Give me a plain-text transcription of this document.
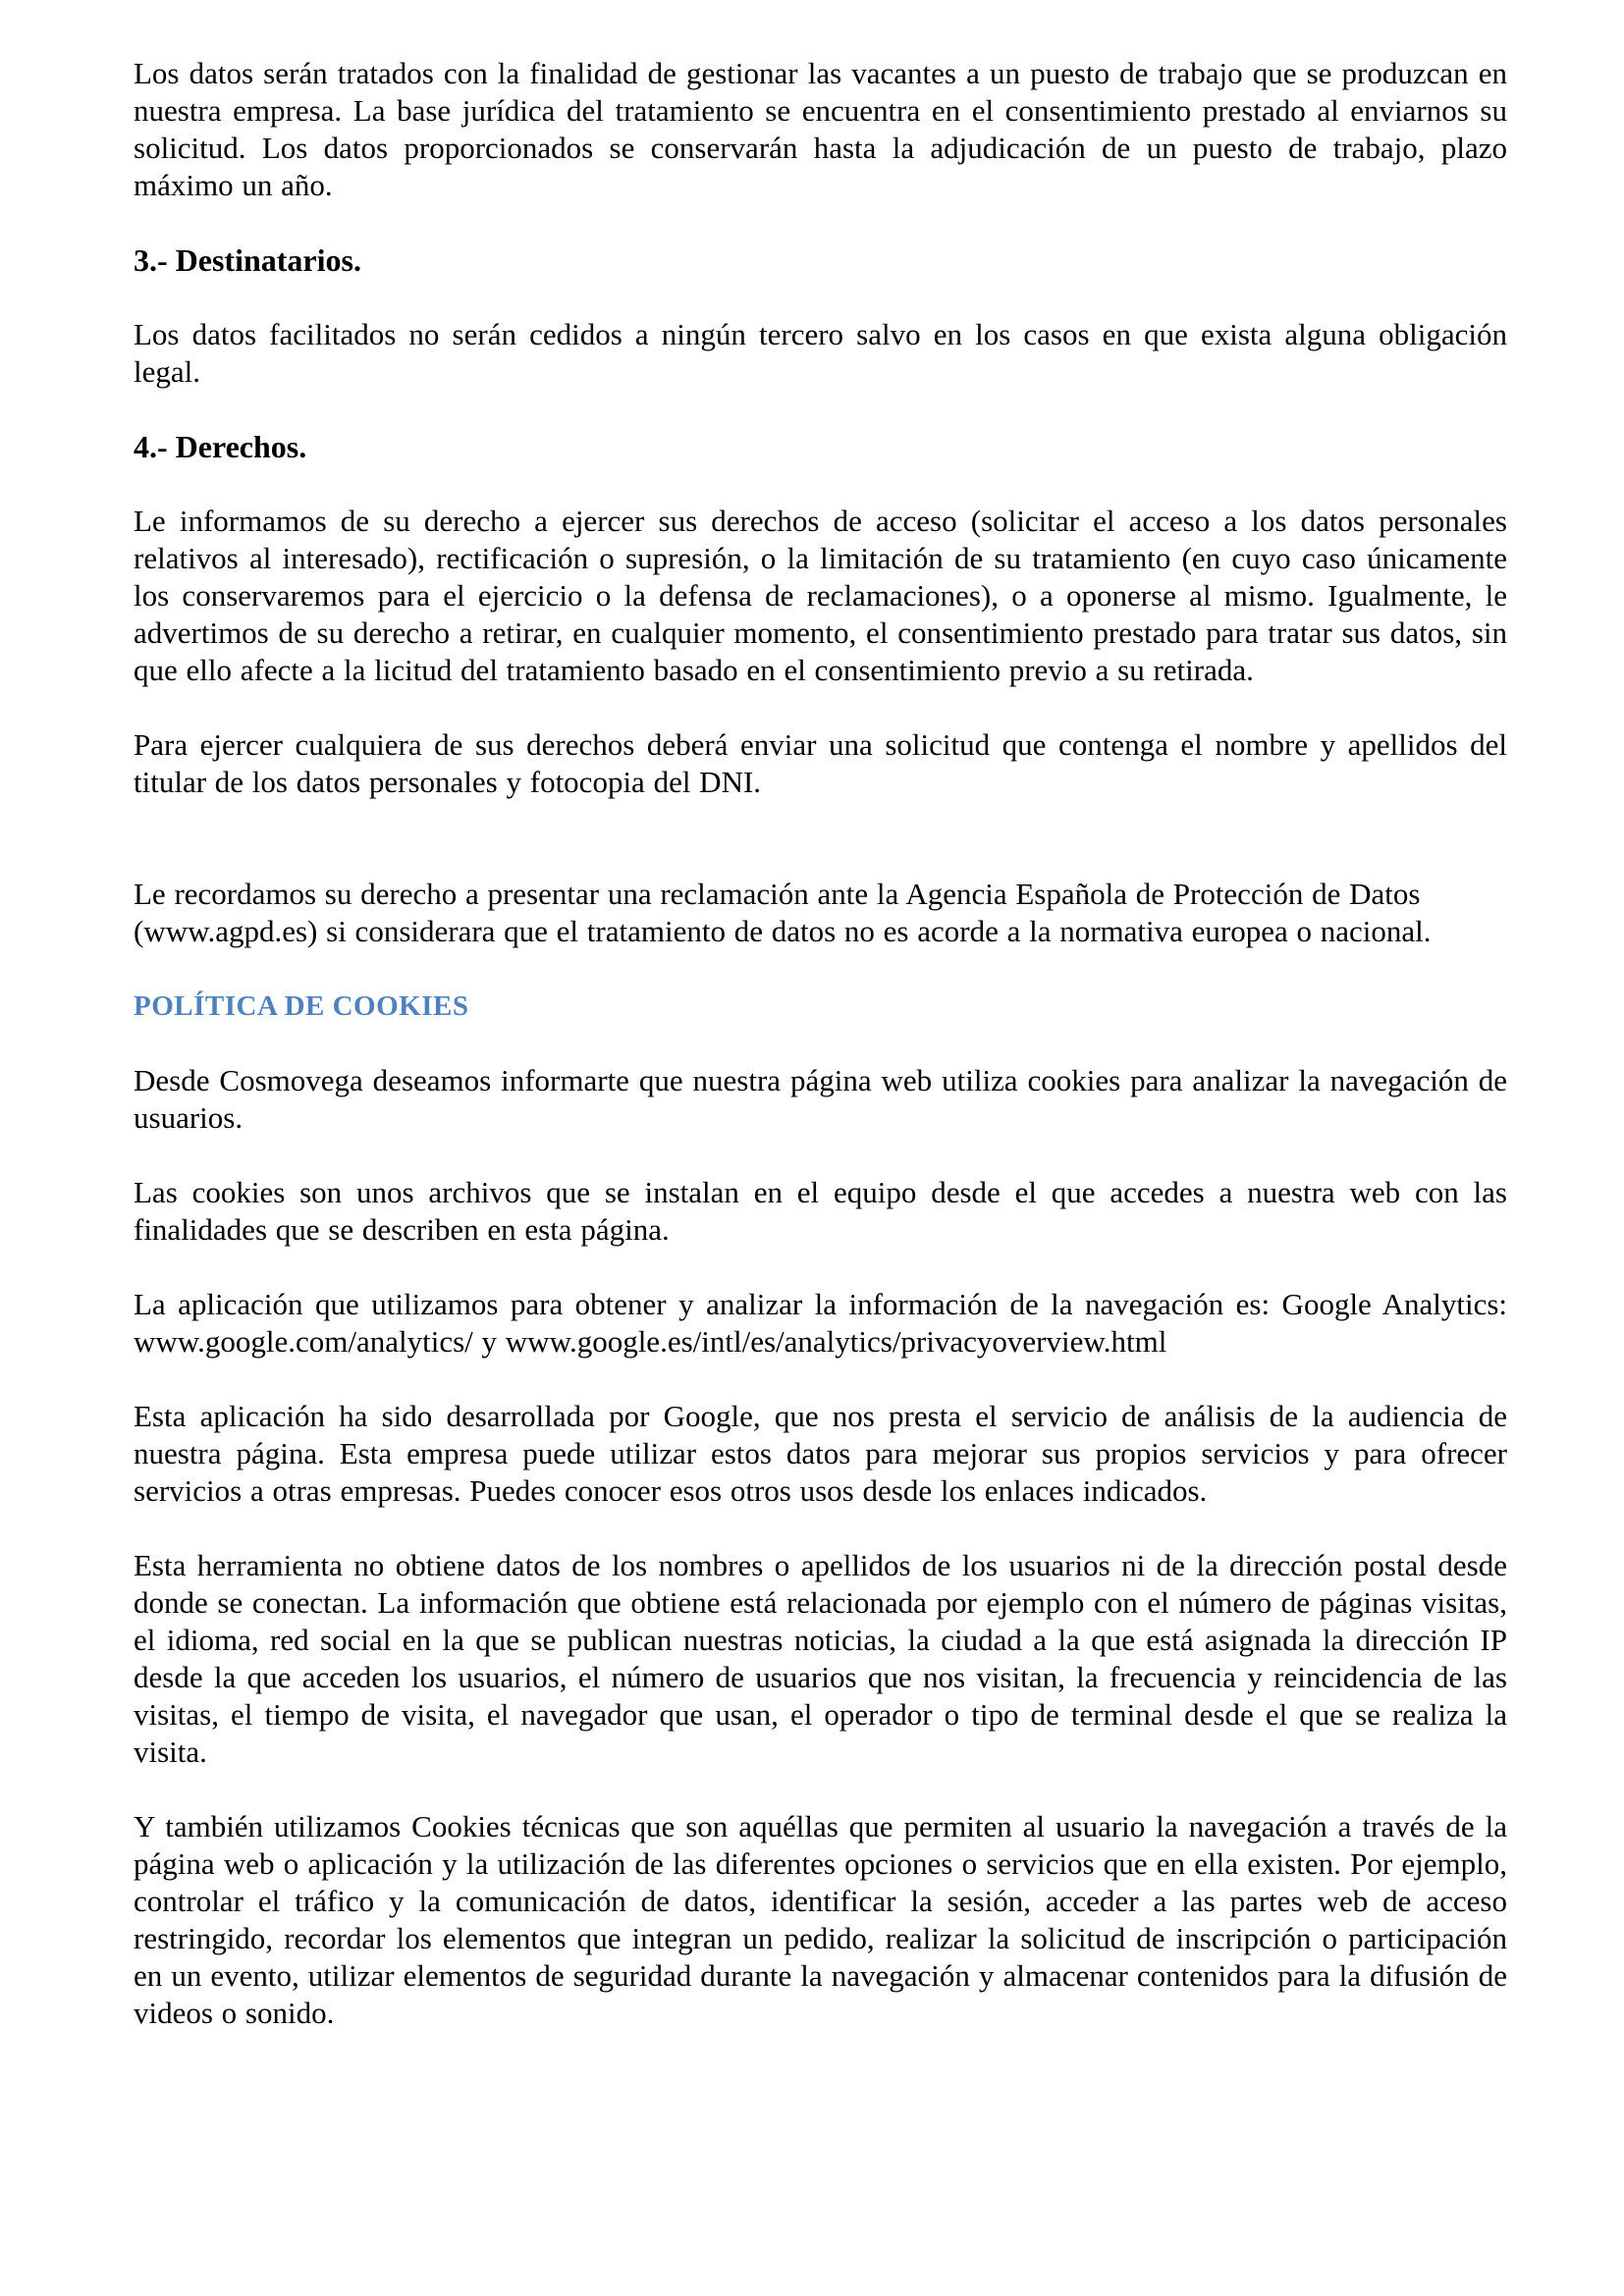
Los datos serán tratados con la finalidad de gestionar las vacantes a un puesto de trabajo que se produzcan en nuestra empresa. La base jurídica del tratamiento se encuentra en el consentimiento prestado al enviarnos su solicitud. Los datos proporcionados se conservarán hasta la adjudicación de un puesto de trabajo, plazo máximo un año.

3.- Destinatarios.

Los datos facilitados no serán cedidos a ningún tercero salvo en los casos en que exista alguna obligación legal.

4.- Derechos.

Le informamos de su derecho a ejercer sus derechos de acceso (solicitar el acceso a los datos personales relativos al interesado), rectificación o supresión, o la limitación de su tratamiento (en cuyo caso únicamente los conservaremos para el ejercicio o la defensa de reclamaciones), o a oponerse al mismo. Igualmente, le advertimos de su derecho a retirar, en cualquier momento, el consentimiento prestado para tratar sus datos, sin que ello afecte a la licitud del tratamiento basado en el consentimiento previo a su retirada.

Para ejercer cualquiera de sus derechos deberá enviar una solicitud que contenga el nombre y apellidos del titular de los datos personales y fotocopia del DNI.

Le recordamos su derecho a presentar una reclamación ante la Agencia Española de Protección de Datos (www.agpd.es) si considerara que el tratamiento de datos no es acorde a la normativa europea o nacional.

POLÍTICA DE COOKIES

Desde Cosmovega deseamos informarte que nuestra página web utiliza cookies para analizar la navegación de usuarios.

Las cookies son unos archivos que se instalan en el equipo desde el que accedes a nuestra web con las finalidades que se describen en esta página.

La aplicación que utilizamos para obtener y analizar la información de la navegación es: Google Analytics: www.google.com/analytics/ y www.google.es/intl/es/analytics/privacyoverview.html

Esta aplicación ha sido desarrollada por Google, que nos presta el servicio de análisis de la audiencia de nuestra página. Esta empresa puede utilizar estos datos para mejorar sus propios servicios y para ofrecer servicios a otras empresas. Puedes conocer esos otros usos desde los enlaces indicados.

Esta herramienta no obtiene datos de los nombres o apellidos de los usuarios ni de la dirección postal desde donde se conectan. La información que obtiene está relacionada por ejemplo con el número de páginas visitas, el idioma, red social en la que se publican nuestras noticias, la ciudad a la que está asignada la dirección IP desde la que acceden los usuarios, el número de usuarios que nos visitan, la frecuencia y reincidencia de las visitas, el tiempo de visita, el navegador que usan, el operador o tipo de terminal desde el que se realiza la visita.

Y también utilizamos Cookies técnicas que son aquéllas que permiten al usuario la navegación a través de la página web o aplicación y la utilización de las diferentes opciones o servicios que en ella existen. Por ejemplo, controlar el tráfico y la comunicación de datos, identificar la sesión, acceder a las partes web de acceso restringido, recordar los elementos que integran un pedido, realizar la solicitud de inscripción o participación en un evento, utilizar elementos de seguridad durante la navegación y almacenar contenidos para la difusión de videos o sonido.
